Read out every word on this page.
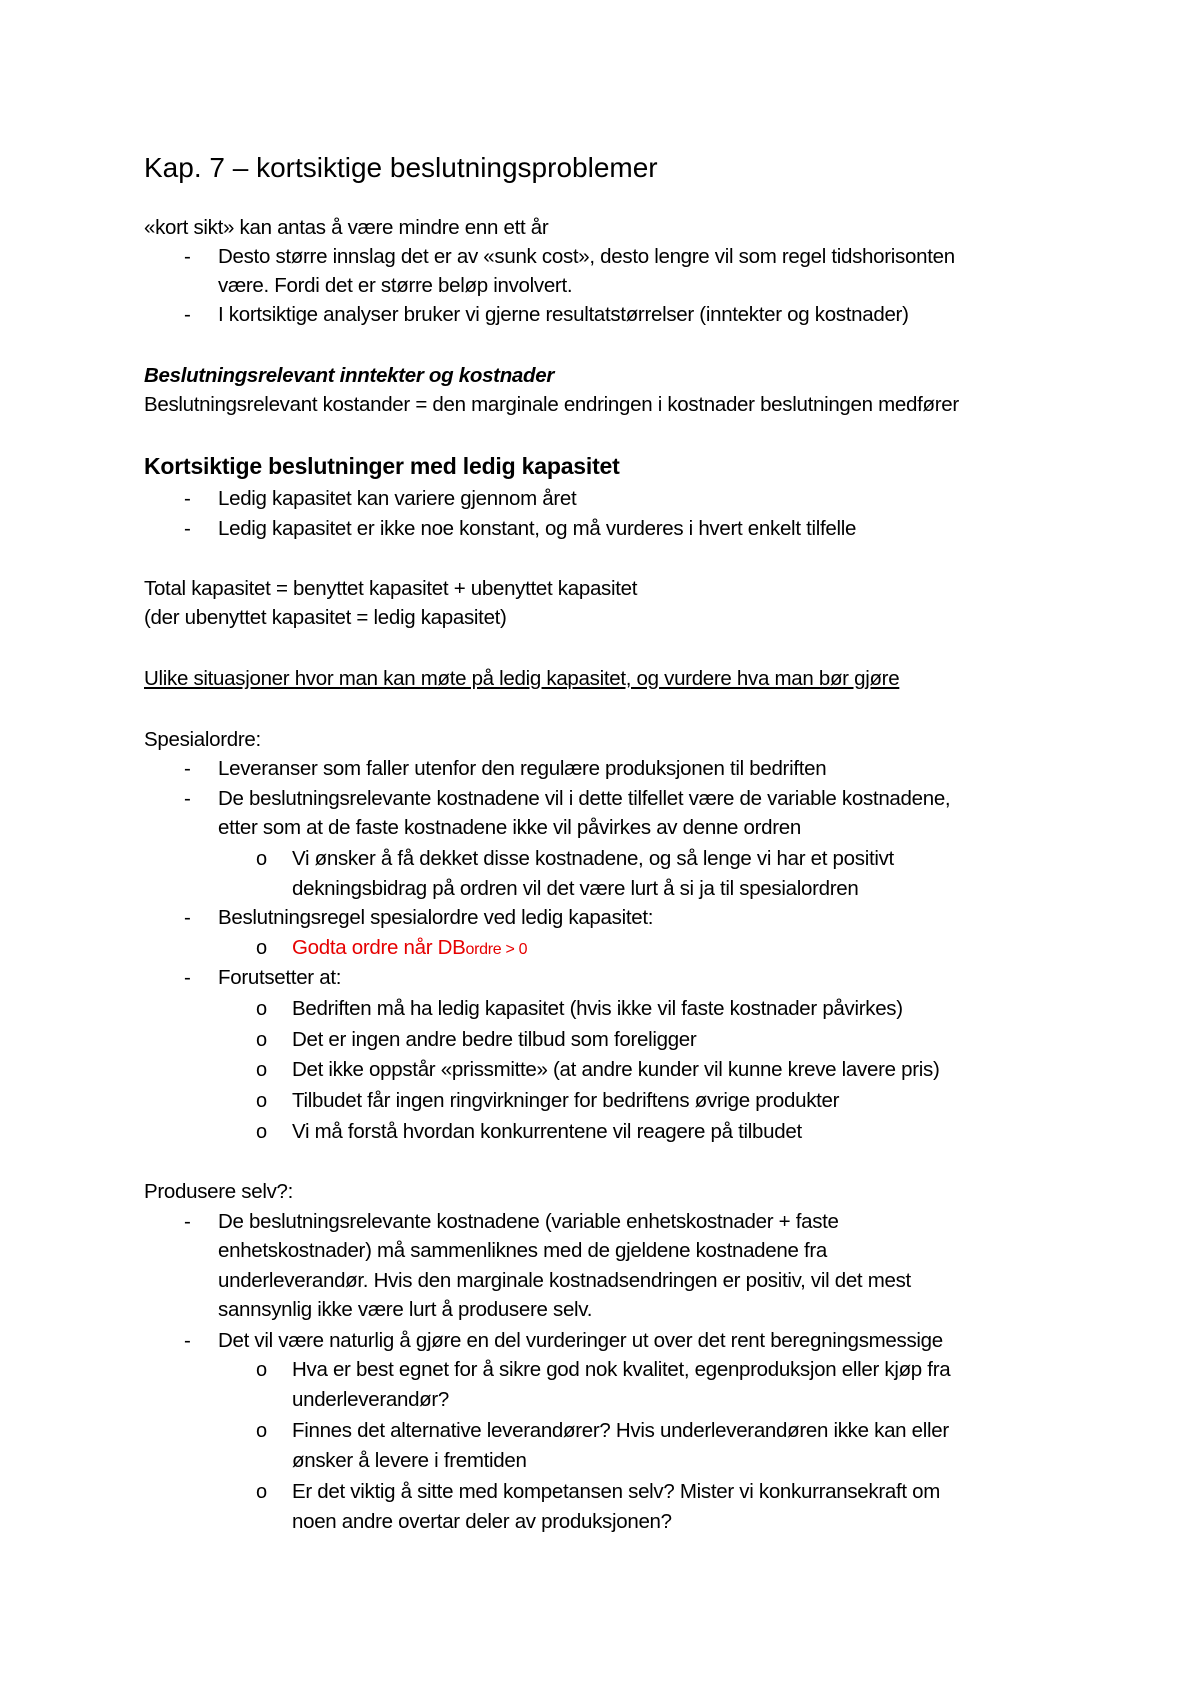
Kap. 7 – kortsiktige beslutningsproblemer
«kort sikt» kan antas å være mindre enn ett år
- Desto større innslag det er av «sunk cost», desto lengre vil som regel tidshorisonten
være. Fordi det er større beløp involvert.
- I kortsiktige analyser bruker vi gjerne resultatstørrelser (inntekter og kostnader)
Beslutningsrelevant inntekter og kostnader
Beslutningsrelevant kostander = den marginale endringen i kostnader beslutningen medfører
Kortsiktige beslutninger med ledig kapasitet
- Ledig kapasitet kan variere gjennom året
- Ledig kapasitet er ikke noe konstant, og må vurderes i hvert enkelt tilfelle
Total kapasitet = benyttet kapasitet + ubenyttet kapasitet
(der ubenyttet kapasitet = ledig kapasitet)
Ulike situasjoner hvor man kan møte på ledig kapasitet, og vurdere hva man bør gjøre
Spesialordre:
- Leveranser som faller utenfor den regulære produksjonen til bedriften
- De beslutningsrelevante kostnadene vil i dette tilfellet være de variable kostnadene,
etter som at de faste kostnadene ikke vil påvirkes av denne ordren
o Vi ønsker å få dekket disse kostnadene, og så lenge vi har et positivt
dekningsbidrag på ordren vil det være lurt å si ja til spesialordren
- Beslutningsregel spesialordre ved ledig kapasitet:
o Godta ordre når DBordre > 0
- Forutsetter at:
o Bedriften må ha ledig kapasitet (hvis ikke vil faste kostnader påvirkes)
o Det er ingen andre bedre tilbud som foreligger
o Det ikke oppstår «prissmitte» (at andre kunder vil kunne kreve lavere pris)
o Tilbudet får ingen ringvirkninger for bedriftens øvrige produkter
o Vi må forstå hvordan konkurrentene vil reagere på tilbudet
Produsere selv?:
- De beslutningsrelevante kostnadene (variable enhetskostnader + faste
enhetskostnader) må sammenliknes med de gjeldene kostnadene fra
underleverandør. Hvis den marginale kostnadsendringen er positiv, vil det mest
sannsynlig ikke være lurt å produsere selv.
- Det vil være naturlig å gjøre en del vurderinger ut over det rent beregningsmessige
o Hva er best egnet for å sikre god nok kvalitet, egenproduksjon eller kjøp fra
underleverandør?
o Finnes det alternative leverandører? Hvis underleverandøren ikke kan eller
ønsker å levere i fremtiden
o Er det viktig å sitte med kompetansen selv? Mister vi konkurransekraft om
noen andre overtar deler av produksjonen?
